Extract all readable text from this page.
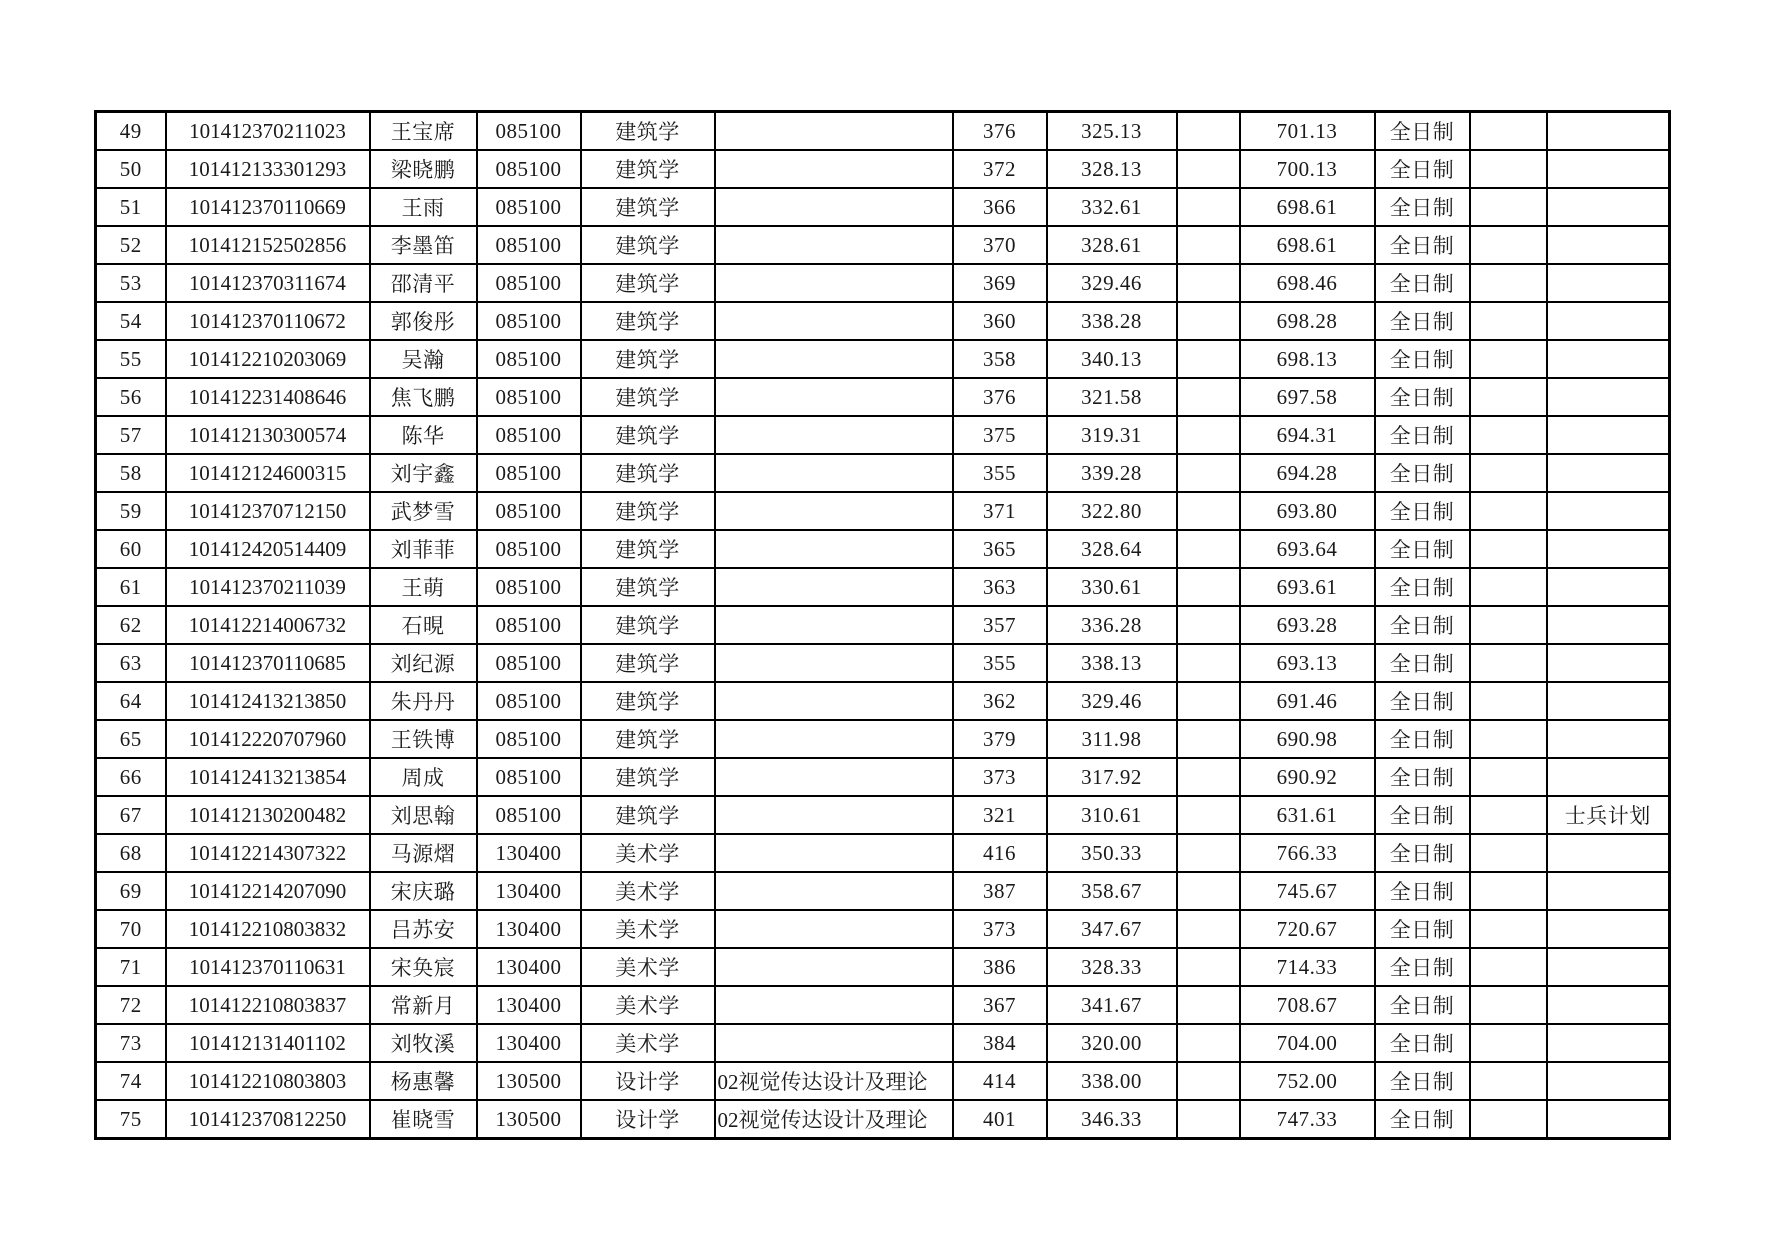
49	101412370211023	王宝席	085100	建筑学		376	325.13		701.13	全日制		
50	101412133301293	梁晓鹏	085100	建筑学		372	328.13		700.13	全日制		
51	101412370110669	王雨	085100	建筑学		366	332.61		698.61	全日制		
52	101412152502856	李墨笛	085100	建筑学		370	328.61		698.61	全日制		
53	101412370311674	邵清平	085100	建筑学		369	329.46		698.46	全日制		
54	101412370110672	郭俊彤	085100	建筑学		360	338.28		698.28	全日制		
55	101412210203069	吴瀚	085100	建筑学		358	340.13		698.13	全日制		
56	101412231408646	焦飞鹏	085100	建筑学		376	321.58		697.58	全日制		
57	101412130300574	陈华	085100	建筑学		375	319.31		694.31	全日制		
58	101412124600315	刘宇鑫	085100	建筑学		355	339.28		694.28	全日制		
59	101412370712150	武梦雪	085100	建筑学		371	322.80		693.80	全日制		
60	101412420514409	刘菲菲	085100	建筑学		365	328.64		693.64	全日制		
61	101412370211039	王萌	085100	建筑学		363	330.61		693.61	全日制		
62	101412214006732	石晛	085100	建筑学		357	336.28		693.28	全日制		
63	101412370110685	刘纪源	085100	建筑学		355	338.13		693.13	全日制		
64	101412413213850	朱丹丹	085100	建筑学		362	329.46		691.46	全日制		
65	101412220707960	王铁博	085100	建筑学		379	311.98		690.98	全日制		
66	101412413213854	周成	085100	建筑学		373	317.92		690.92	全日制		
67	101412130200482	刘思翰	085100	建筑学		321	310.61		631.61	全日制		士兵计划
68	101412214307322	马源熠	130400	美术学		416	350.33		766.33	全日制		
69	101412214207090	宋庆璐	130400	美术学		387	358.67		745.67	全日制		
70	101412210803832	吕苏安	130400	美术学		373	347.67		720.67	全日制		
71	101412370110631	宋奂宸	130400	美术学		386	328.33		714.33	全日制		
72	101412210803837	常新月	130400	美术学		367	341.67		708.67	全日制		
73	101412131401102	刘牧溪	130400	美术学		384	320.00		704.00	全日制		
74	101412210803803	杨惠馨	130500	设计学	02视觉传达设计及理论	414	338.00		752.00	全日制		
75	101412370812250	崔晓雪	130500	设计学	02视觉传达设计及理论	401	346.33		747.33	全日制		
